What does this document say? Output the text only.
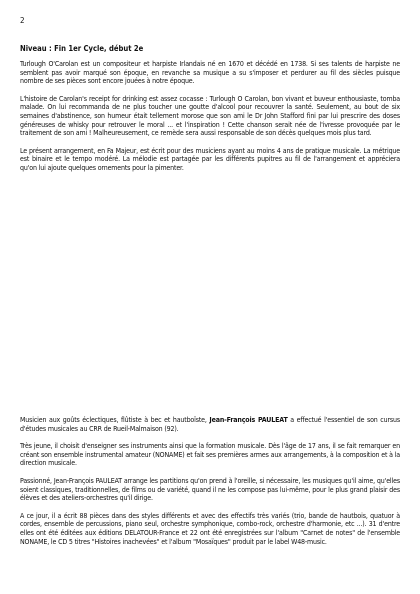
2
Niveau : Fin 1er Cycle, début 2e

Turlough O'Carolan est un compositeur et harpiste Irlandais né en 1670 et décédé en 1738. Si ses talents de harpiste ne semblent pas avoir marqué son époque, en revanche sa musique a su s'imposer et perdurer au fil des siècles puisque nombre de ses pièces sont encore jouées à notre époque.

L'histoire de Carolan's receipt for drinking est assez cocasse : Turlough O Carolan, bon vivant et buveur enthousiaste, tomba malade. On lui recommanda de ne plus toucher une goutte d'alcool pour recouvrer la santé. Seulement, au bout de six semaines d'abstinence, son humeur était tellement morose que son ami le Dr John Stafford fini par lui prescrire des doses généreuses de whisky pour retrouver le moral ... et l'inspiration ! Cette chanson serait née de l'ivresse provoquée par le traitement de son ami ! Malheureusement, ce remède sera aussi responsable de son décès quelques mois plus tard.

Le présent arrangement, en Fa Majeur, est écrit pour des musiciens ayant au moins 4 ans de pratique musicale. La métrique est binaire et le tempo modéré. La mélodie est partagée par les différents pupitres au fil de l'arrangement et appréciera qu'on lui ajoute quelques ornements pour la pimenter.

Musicien aux goûts éclectiques, flûtiste à bec et hautboïste, Jean-François PAULEAT a effectué l'essentiel de son cursus d'études musicales au CRR de Rueil-Malmaison (92).

Très jeune, il choisit d'enseigner ses instruments ainsi que la formation musicale. Dès l'âge de 17 ans, il se fait remarquer en créant son ensemble instrumental amateur (NONAME) et fait ses premières armes aux arrangements, à la composition et à la direction musicale.

Passionné, Jean-François PAULEAT arrange les partitions qu'on prend à l'oreille, si nécessaire, les musiques qu'il aime, qu'elles soient classiques, traditionnelles, de films ou de variété, quand il ne les compose pas lui-même, pour le plus grand plaisir des élèves et des ateliers-orchestres qu'il dirige.

A ce jour, il a écrit 88 pièces dans des styles différents et avec des effectifs très variés (trio, bande de hautbois, quatuor à cordes, ensemble de percussions, piano seul, orchestre symphonique, combo-rock, orchestre d'harmonie, etc ...). 31 d'entre elles ont été éditées aux éditions DELATOUR-France et 22 ont été enregistrées sur l'album "Carnet de notes" de l'ensemble NONAME, le CD 5 titres "Histoires inachevées" et l'album "Mosaïques" produit par le label W48-music.
